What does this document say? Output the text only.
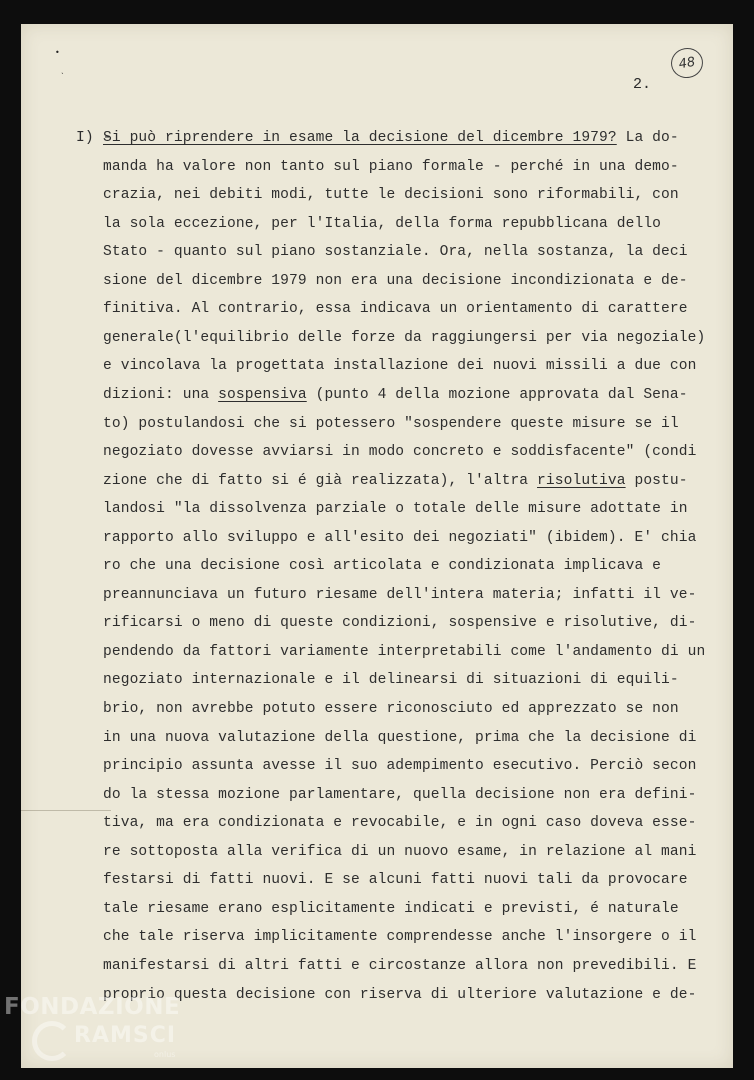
•
˴
48
2.
I) -
Si può riprendere in esame la decisione del dicembre 1979? La do-
manda ha valore non tanto sul piano formale - perché in una demo-
crazia, nei debiti modi, tutte le decisioni sono riformabili, con
la sola eccezione, per l'Italia, della forma repubblicana dello
Stato - quanto sul piano sostanziale. Ora, nella sostanza, la deci
sione del dicembre 1979 non era una decisione incondizionata e de-
finitiva. Al contrario, essa indicava un orientamento di carattere
generale(l'equilibrio delle forze da raggiungersi per via negoziale)
e vincolava la progettata installazione dei nuovi missili a due con
dizioni: una sospensiva (punto 4 della mozione approvata dal Sena-
to) postulandosi che si potessero "sospendere queste misure se il
negoziato dovesse avviarsi in modo concreto e soddisfacente" (condi
zione che di fatto si é già realizzata), l'altra risolutiva postu-
landosi "la dissolvenza parziale o totale delle misure adottate in
rapporto allo sviluppo e all'esito dei negoziati" (ibidem). E' chia
ro che una decisione così articolata e condizionata implicava e
preannunciava un futuro riesame dell'intera materia; infatti il ve-
rificarsi o meno di queste condizioni, sospensive e risolutive, di-
pendendo da fattori variamente interpretabili come l'andamento di un
negoziato internazionale e il delinearsi di situazioni di equili-
brio, non avrebbe potuto essere riconosciuto ed apprezzato se non
in una nuova valutazione della questione, prima che la decisione di
principio assunta avesse il suo adempimento esecutivo. Perciò secon
do la stessa mozione parlamentare, quella decisione non era defini-
tiva, ma era condizionata e revocabile, e in ogni caso doveva esse-
re sottoposta alla verifica di un nuovo esame, in relazione al mani
festarsi di fatti nuovi. E se alcuni fatti nuovi tali da provocare
tale riesame erano esplicitamente indicati e previsti, é naturale
che tale riserva implicitamente comprendesse anche l'insorgere o il
manifestarsi di altri fatti e circostanze allora non prevedibili. E
proprio questa decisione con riserva di ulteriore valutazione e de-
FONDAZIONE
RAMSCI
onlus
